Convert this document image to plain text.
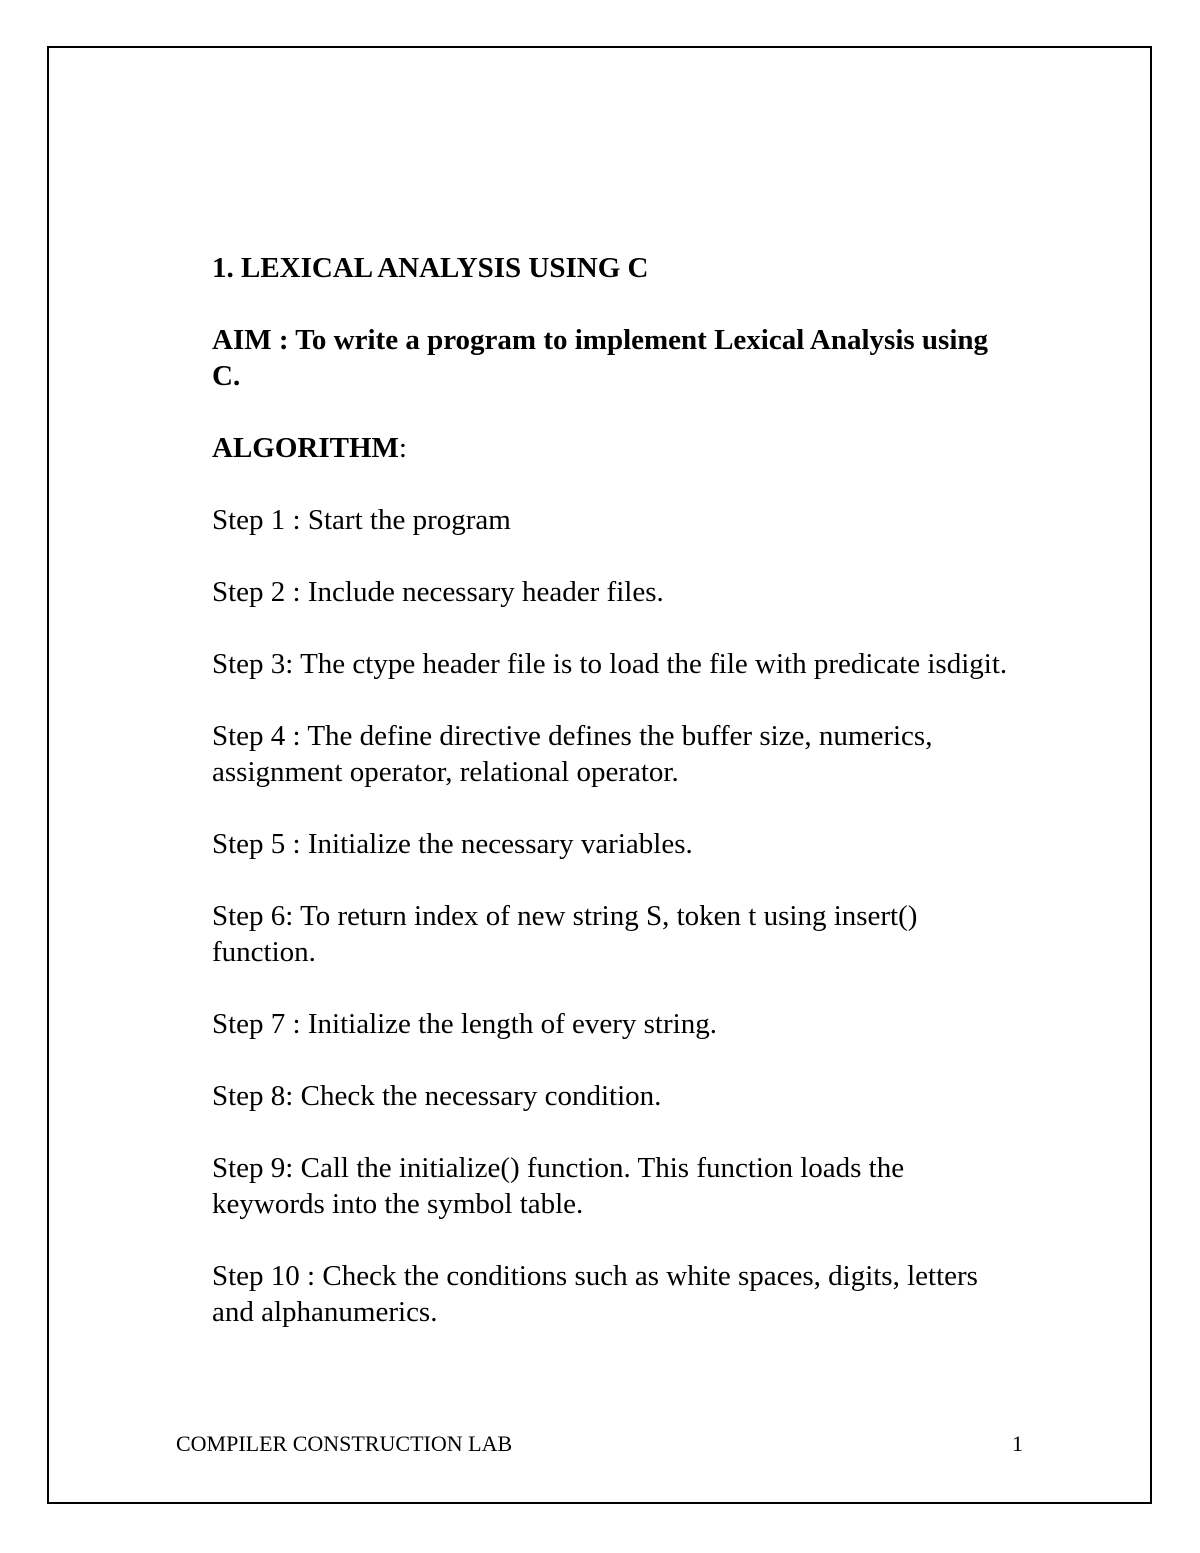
1. LEXICAL ANALYSIS USING C

AIM : To write a program to implement Lexical Analysis using C.

ALGORITHM:

Step 1 : Start the program

Step 2 : Include necessary header files.

Step 3: The ctype header file is to load the file with predicate isdigit.

Step 4 : The define directive defines the buffer size, numerics, assignment operator, relational operator.

Step 5 : Initialize the necessary variables.

Step 6: To return index of new string S, token t using insert() function.

Step 7 : Initialize the length of every string.

Step 8: Check the necessary condition.

Step 9: Call the initialize() function. This function loads the keywords into the symbol table.

Step 10 : Check the conditions such as white spaces, digits, letters and alphanumerics.

COMPILER CONSTRUCTION LAB	1
